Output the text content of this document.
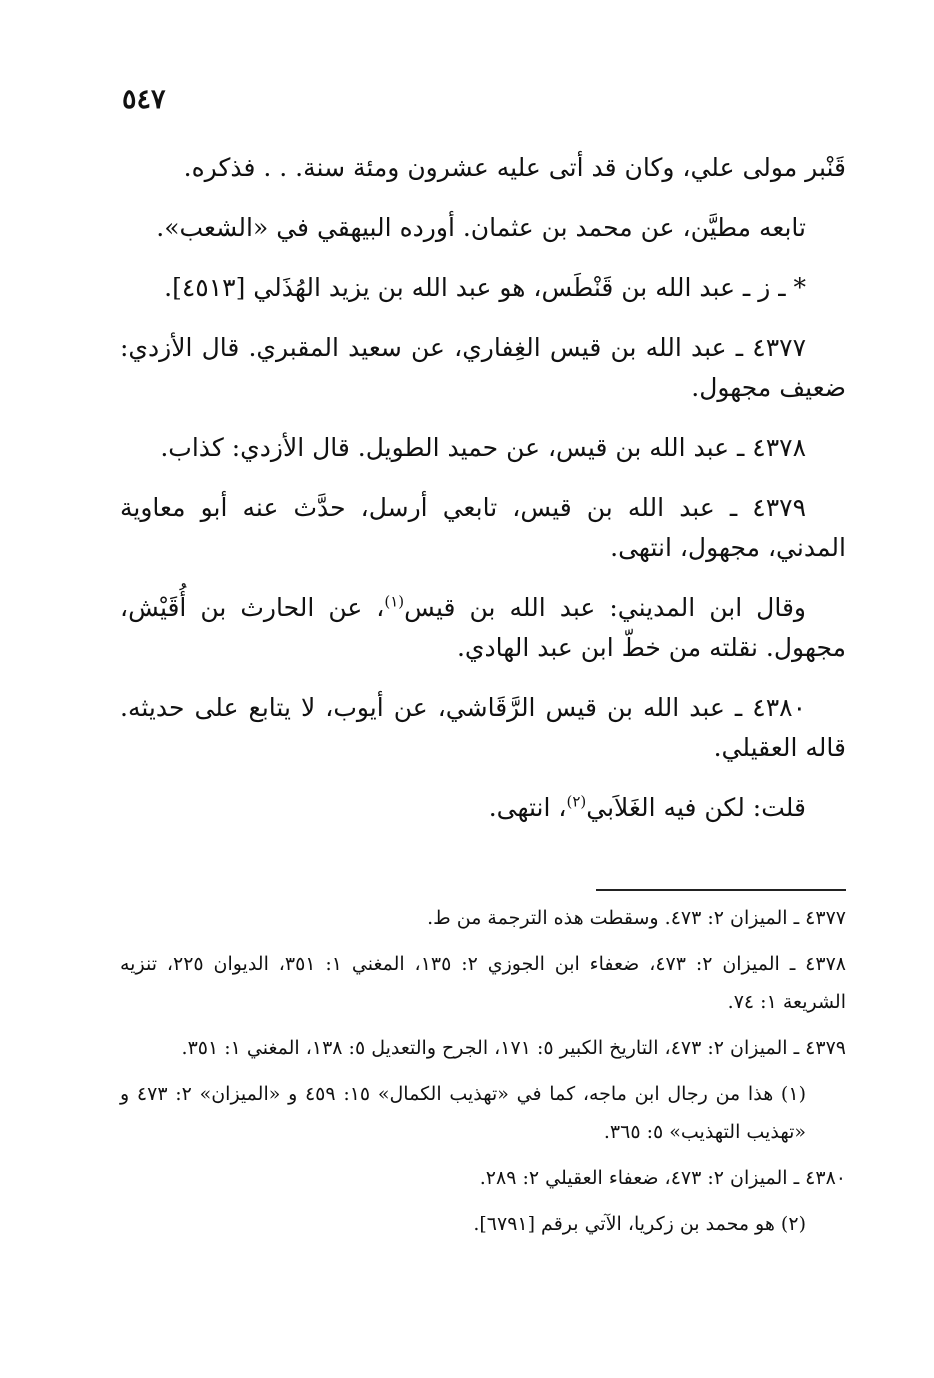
٥٤٧

قَنْبر مولى علي، وكان قد أتى عليه عشرون ومئة سنة. . . فذكره.

تابعه مطيَّن، عن محمد بن عثمان. أورده البيهقي في «الشعب».

* ـ ز ـ عبد الله بن قَنْطَس، هو عبد الله بن يزيد الهُذَلي [٤٥١٣].

٤٣٧٧ ـ عبد الله بن قيس الغِفاري، عن سعيد المقبري. قال الأزدي: ضعيف مجهول.

٤٣٧٨ ـ عبد الله بن قيس، عن حميد الطويل. قال الأزدي: كذاب.

٤٣٧٩ ـ عبد الله بن قيس، تابعي أرسل، حدَّث عنه أبو معاوية المدني، مجهول، انتهى.

وقال ابن المديني: عبد الله بن قيس$^{(١)}$، عن الحارث بن أُقَيْش، مجهول. نقلته من خطّ ابن عبد الهادي.

٤٣٨٠ ـ عبد الله بن قيس الرَّقَاشي، عن أيوب، لا يتابع على حديثه. قاله العقيلي.

قلت: لكن فيه الغَلاَبي$^{(٢)}$، انتهى.

٤٣٧٧ ـ الميزان ٢: ٤٧٣. وسقطت هذه الترجمة من ط.

٤٣٧٨ ـ الميزان ٢: ٤٧٣، ضعفاء ابن الجوزي ٢: ١٣٥، المغني ١: ٣٥١، الديوان ٢٢٥، تنزيه الشريعة ١: ٧٤.

٤٣٧٩ ـ الميزان ٢: ٤٧٣، التاريخ الكبير ٥: ١٧١، الجرح والتعديل ٥: ١٣٨، المغني ١: ٣٥١.

(١) هذا من رجال ابن ماجه، كما في «تهذيب الكمال» ١٥: ٤٥٩ و «الميزان» ٢: ٤٧٣ و «تهذيب التهذيب» ٥: ٣٦٥.

٤٣٨٠ ـ الميزان ٢: ٤٧٣، ضعفاء العقيلي ٢: ٢٨٩.

(٢) هو محمد بن زكريا، الآتي برقم [٦٧٩١].
